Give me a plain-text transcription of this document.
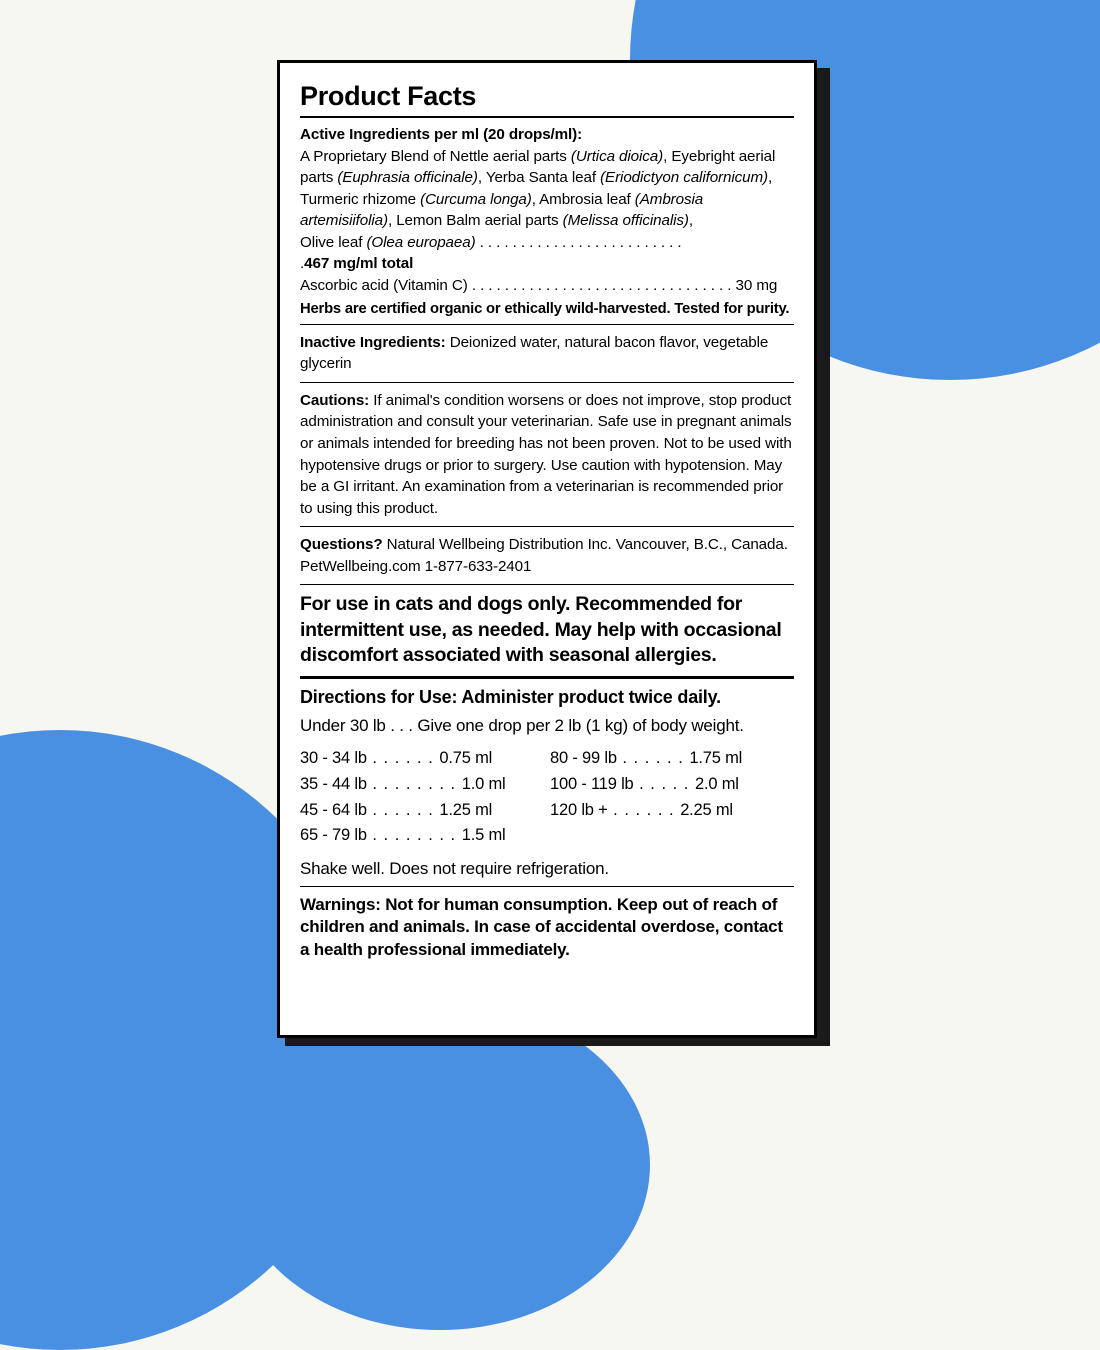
Product Facts
Active Ingredients per ml (20 drops/ml):
A Proprietary Blend of Nettle aerial parts (Urtica dioica), Eyebright aerial parts (Euphrasia officinale), Yerba Santa leaf (Eriodictyon californicum), Turmeric rhizome (Curcuma longa), Ambrosia leaf (Ambrosia artemisiifolia), Lemon Balm aerial parts (Melissa officinalis),
Olive leaf (Olea europaea) . . . . . . . . . . . . . . . . . . . . . . . . . .467 mg/ml total
Ascorbic acid (Vitamin C) . . . . . . . . . . . . . . . . . . . . . . . . . . . . . . . . 30 mg
Herbs are certified organic or ethically wild-harvested. Tested for purity.
Inactive Ingredients: Deionized water, natural bacon flavor, vegetable glycerin
Cautions: If animal's condition worsens or does not improve, stop product administration and consult your veterinarian. Safe use in pregnant animals or animals intended for breeding has not been proven. Not to be used with hypotensive drugs or prior to surgery. Use caution with hypotension. May be a GI irritant. An examination from a veterinarian is recommended prior to using this product.
Questions? Natural Wellbeing Distribution Inc. Vancouver, B.C., Canada.
PetWellbeing.com 1-877-633-2401
For use in cats and dogs only. Recommended for intermittent use, as needed. May help with occasional discomfort associated with seasonal allergies.
Directions for Use: Administer product twice daily.
Under 30 lb . . . Give one drop per 2 lb (1 kg) of body weight.
30 - 34 lb . . . . . . 0.75 ml
35 - 44 lb . . . . . . . . 1.0 ml
45 - 64 lb . . . . . . 1.25 ml
65 - 79 lb . . . . . . . . 1.5 ml
80 - 99 lb . . . . . . 1.75 ml
100 - 119 lb . . . . . 2.0 ml
120 lb + . . . . . . 2.25 ml
Shake well. Does not require refrigeration.
Warnings: Not for human consumption. Keep out of reach of children and animals. In case of accidental overdose, contact a health professional immediately.
